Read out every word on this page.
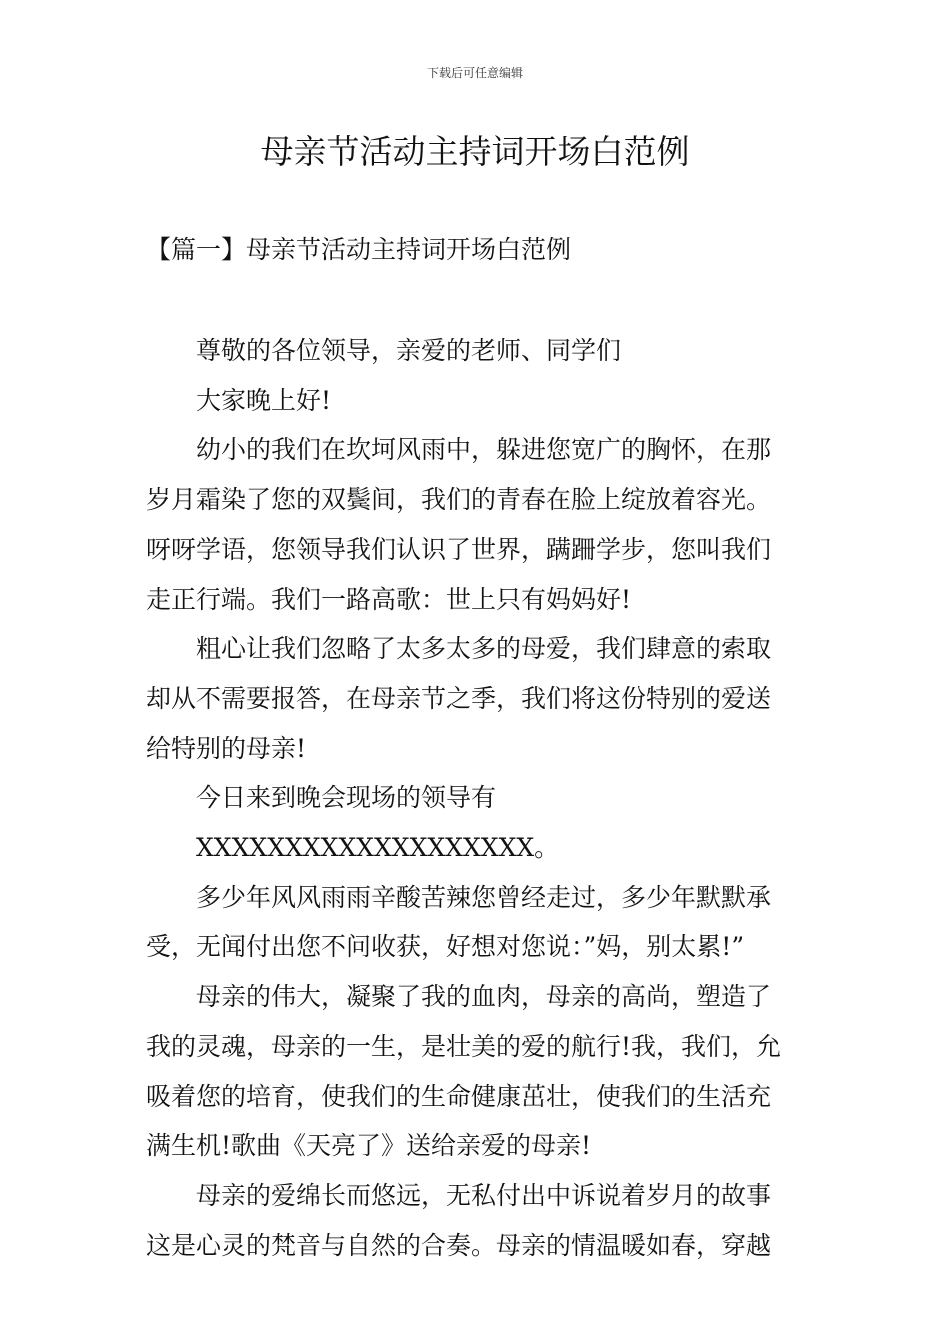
下载后可任意编辑
母亲节活动主持词开场白范例
【篇一】母亲节活动主持词开场白范例
尊敬的各位领导，亲爱的老师、同学们
大家晚上好!
幼小的我们在坎坷风雨中，躲进您宽广的胸怀，在那
岁月霜染了您的双鬓间，我们的青春在脸上绽放着容光。
呀呀学语，您领导我们认识了世界，蹒跚学步，您叫我们
走正行端。我们一路高歌：世上只有妈妈好!
粗心让我们忽略了太多太多的母爱，我们肆意的索取
却从不需要报答，在母亲节之季，我们将这份特别的爱送
给特别的母亲!
今日来到晚会现场的领导有XXXXXXXXXXXXXXXXXXX。
多少年风风雨雨辛酸苦辣您曾经走过，多少年默默承
受，无闻付出您不问收获，好想对您说：”妈，别太累!”
母亲的伟大，凝聚了我的血肉，母亲的高尚，塑造了
我的灵魂，母亲的一生，是壮美的爱的航行!我，我们，允
吸着您的培育，使我们的生命健康茁壮，使我们的生活充
满生机!歌曲《天亮了》送给亲爱的母亲!
母亲的爱绵长而悠远，无私付出中诉说着岁月的故事
这是心灵的梵音与自然的合奏。母亲的情温暖如春，穿越
